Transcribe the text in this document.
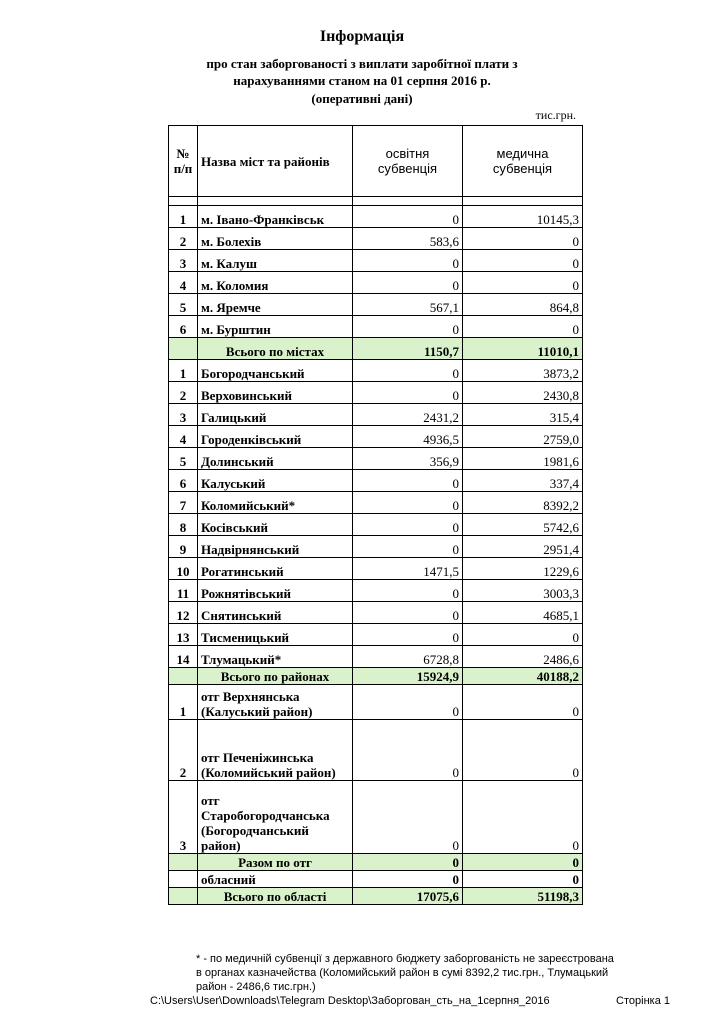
Інформація
про стан заборгованості з виплати заробітної плати з
нарахуваннями станом на 01 серпня 2016 р.
(оперативні дані)
тис.грн.
№ п/п	Назва міст та районів	освітня субвенція	медична субвенція

1	м. Івано-Франківськ	0	10145,3
2	м. Болехів	583,6	0
3	м. Калуш	0	0
4	м. Коломия	0	0
5	м. Яремче	567,1	864,8
6	м. Бурштин	0	0
	Всього по містах	1150,7	11010,1
1	Богородчанський	0	3873,2
2	Верховинський	0	2430,8
3	Галицький	2431,2	315,4
4	Городенківський	4936,5	2759,0
5	Долинський	356,9	1981,6
6	Калуський	0	337,4
7	Коломийський*	0	8392,2
8	Косівський	0	5742,6
9	Надвірнянський	0	2951,4
10	Рогатинський	1471,5	1229,6
11	Рожнятівський	0	3003,3
12	Снятинський	0	4685,1
13	Тисменицький	0	0
14	Тлумацький*	6728,8	2486,6
	Всього по районах	15924,9	40188,2
1	отг Верхнянська (Калуський район)	0	0
2	отг Печеніжинська (Коломийський район)	0	0
3	отг Старобогородчанська (Богородчанський район)	0	0
	Разом по отг	0	0
	обласний	0	0
	Всього по області	17075,6	51198,3
* - по медичній субвенції з державного бюджету заборгованість не зареєстрована в органах казначейства (Коломийський район в сумі 8392,2 тис.грн., Тлумацький район - 2486,6 тис.грн.)
C:\Users\User\Downloads\Telegram Desktop\Заборгован_сть_на_1серпня_2016	Сторінка 1
